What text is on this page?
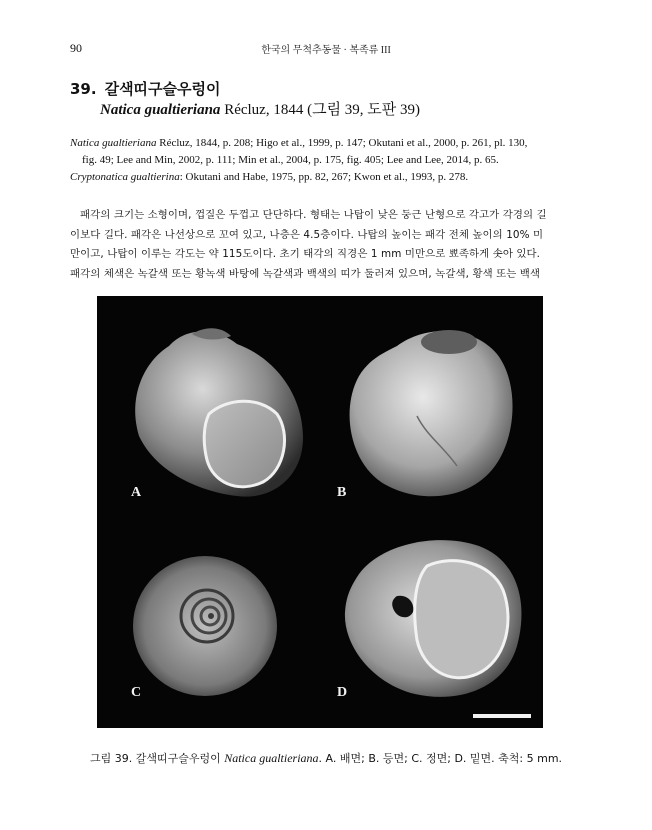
90	한국의 무척추동물 · 복족류 III
39. 갈색띠구슬우렁이
Natica gualtieriana Récluz, 1844 (그림 39, 도판 39)
Natica gualtieriana Récluz, 1844, p. 208; Higo et al., 1999, p. 147; Okutani et al., 2000, p. 261, pl. 130,
fig. 49; Lee and Min, 2002, p. 111; Min et al., 2004, p. 175, fig. 405; Lee and Lee, 2014, p. 65.
Cryptonatica gualtierina: Okutani and Habe, 1975, pp. 82, 267; Kwon et al., 1993, p. 278.
패각의 크기는 소형이며, 껍질은 두껍고 단단하다. 형태는 나탑이 낮은 둥근 난형으로 각고가 각경의 길
이보다 길다. 패각은 나선상으로 꼬여 있고, 나층은 4.5층이다. 나탑의 높이는 패각 전체 높이의 10% 미
만이고, 나탑이 이루는 각도는 약 115도이다. 초기 태각의 직경은 1 mm 미만으로 뾰족하게 솟아 있다.
패각의 체색은 녹갈색 또는 황녹색 바탕에 녹갈색과 백색의 띠가 둘러져 있으며, 녹갈색, 황색 또는 백색
A	B
C	D
그림 39. 갈색띠구슬우렁이 Natica gualtieriana. A. 배면; B. 등면; C. 정면; D. 밑면. 축척: 5 mm.
